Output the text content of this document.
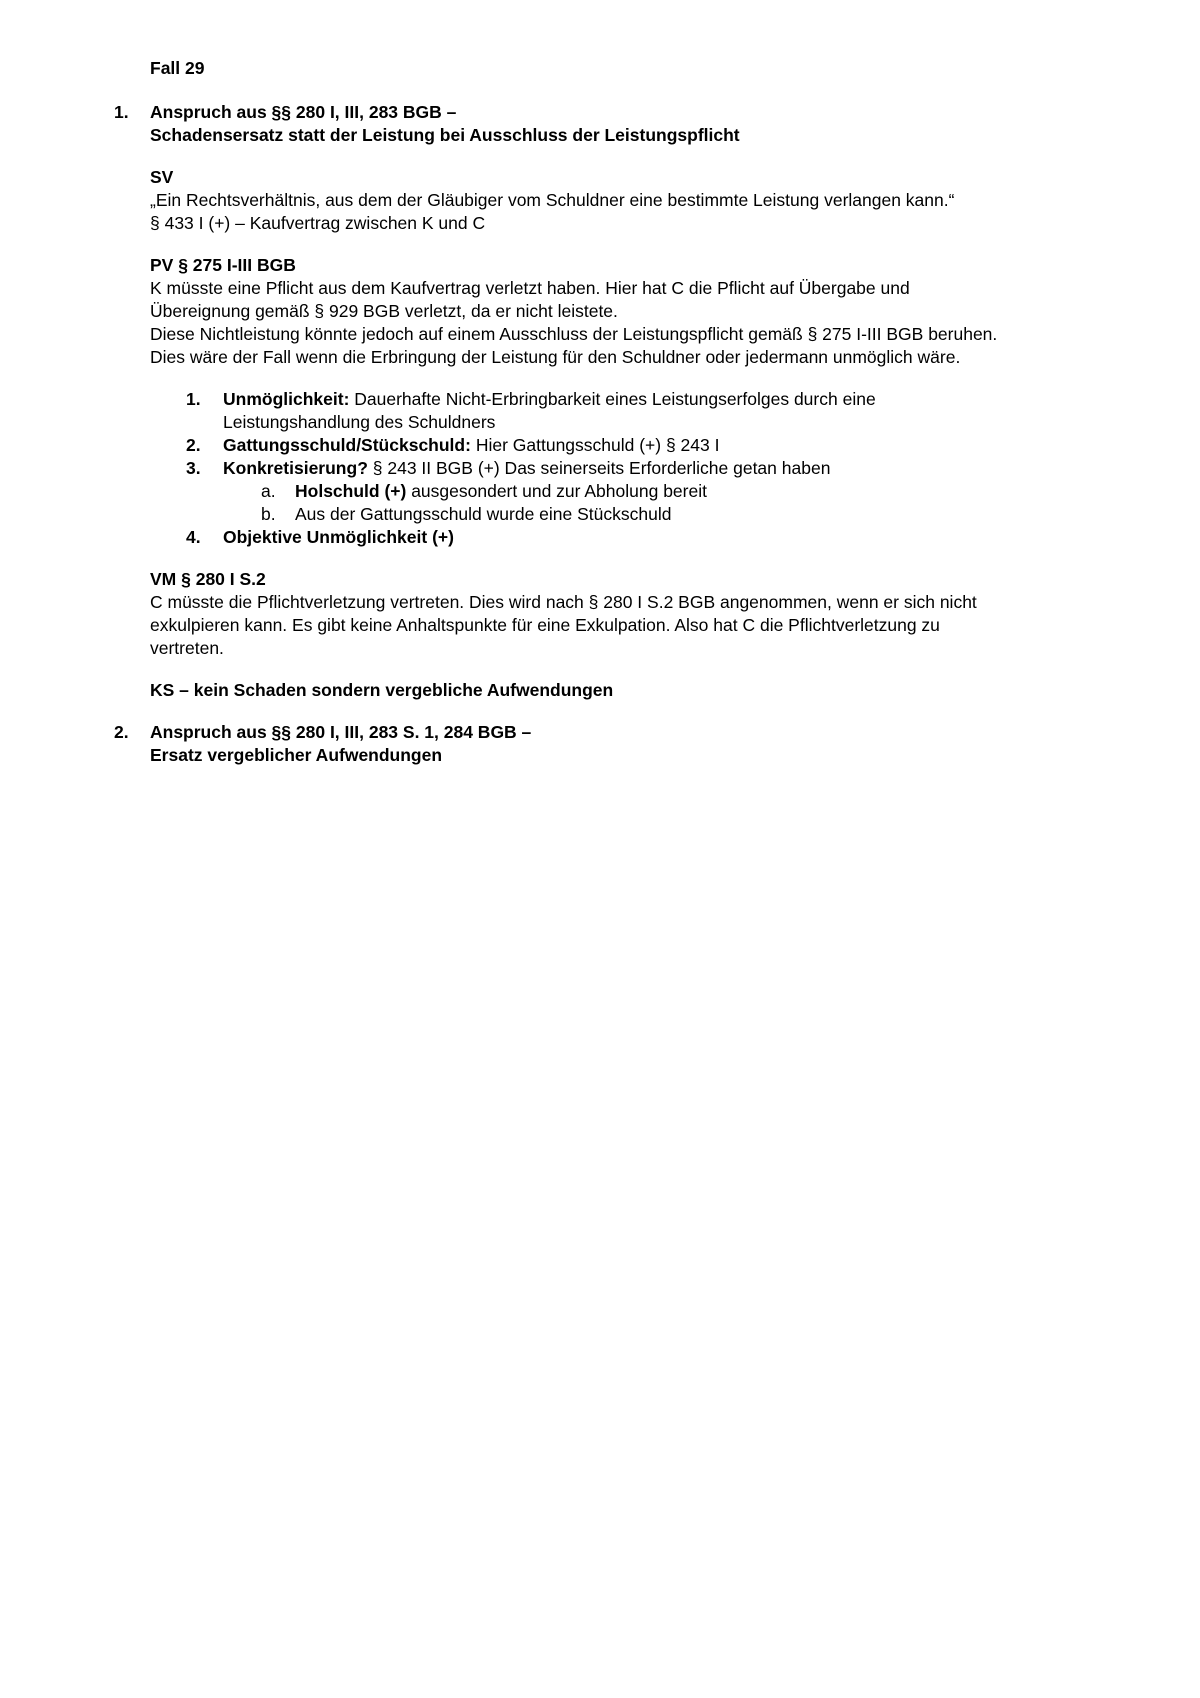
Fall 29
1. Anspruch aus §§ 280 I, III, 283 BGB –
Schadensersatz statt der Leistung bei Ausschluss der Leistungspflicht
SV
„Ein Rechtsverhältnis, aus dem der Gläubiger vom Schuldner eine bestimmte Leistung verlangen kann.“
§ 433 I (+) – Kaufvertrag zwischen K und C
PV § 275 I-III BGB
K müsste eine Pflicht aus dem Kaufvertrag verletzt haben. Hier hat C die Pflicht auf Übergabe und
Übereignung gemäß § 929 BGB verletzt, da er nicht leistete.
Diese Nichtleistung könnte jedoch auf einem Ausschluss der Leistungspflicht gemäß § 275 I-III BGB beruhen.
Dies wäre der Fall wenn die Erbringung der Leistung für den Schuldner oder jedermann unmöglich wäre.
1. Unmöglichkeit: Dauerhafte Nicht-Erbringbarkeit eines Leistungserfolges durch eine
Leistungshandlung des Schuldners
2. Gattungsschuld/Stückschuld: Hier Gattungsschuld (+) § 243 I
3. Konkretisierung? § 243 II BGB (+) Das seinerseits Erforderliche getan haben
a. Holschuld (+) ausgesondert und zur Abholung bereit
b. Aus der Gattungsschuld wurde eine Stückschuld
4. Objektive Unmöglichkeit (+)
VM § 280 I S.2
C müsste die Pflichtverletzung vertreten. Dies wird nach § 280 I S.2 BGB angenommen, wenn er sich nicht
exkulpieren kann. Es gibt keine Anhaltspunkte für eine Exkulpation. Also hat C die Pflichtverletzung zu
vertreten.
KS – kein Schaden sondern vergebliche Aufwendungen
2. Anspruch aus §§ 280 I, III, 283 S. 1, 284 BGB –
Ersatz vergeblicher Aufwendungen
